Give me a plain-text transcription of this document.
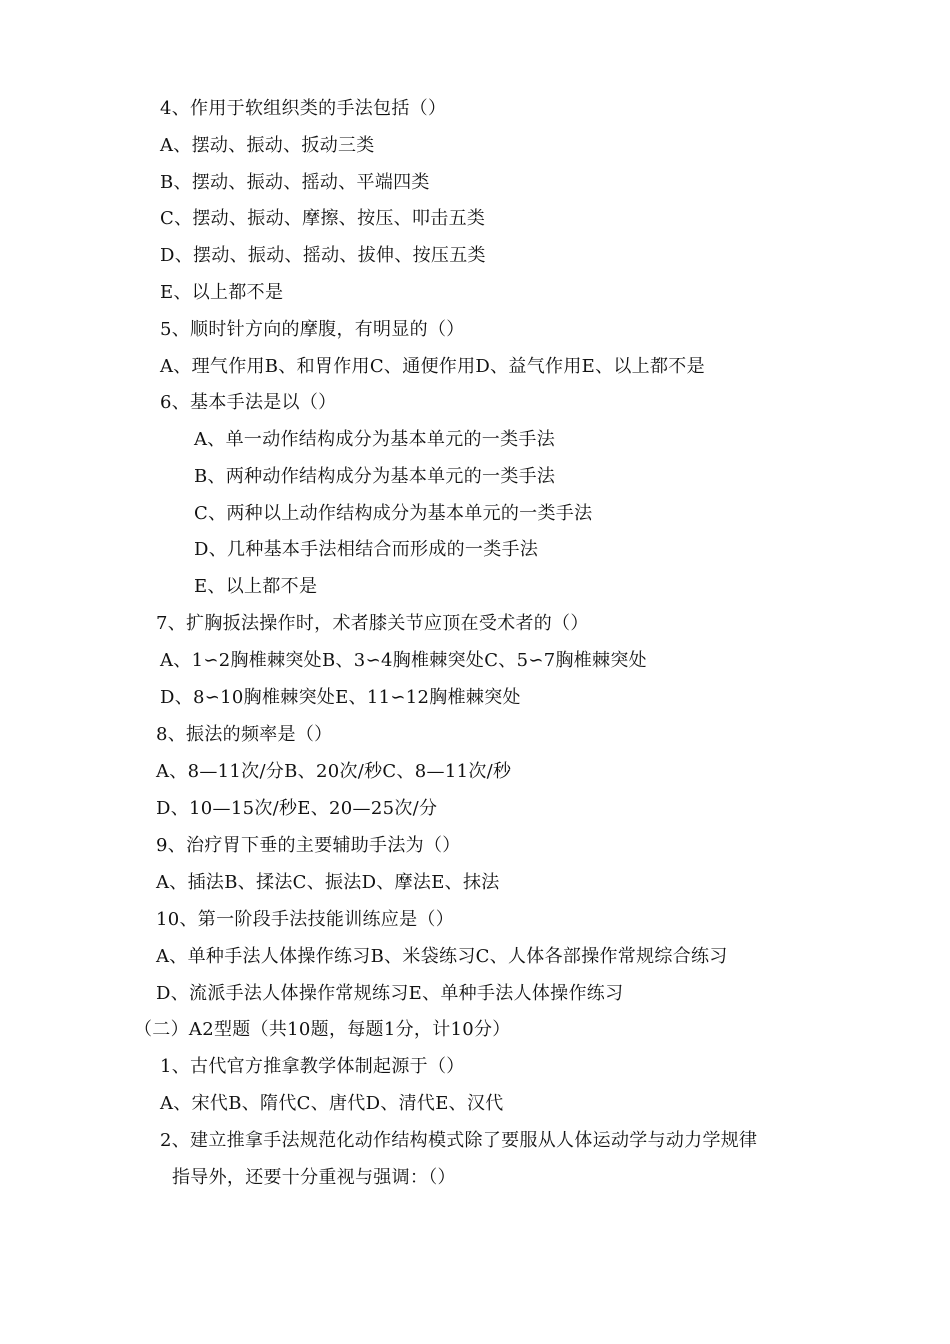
4、作用于软组织类的手法包括（）
A、摆动、振动、扳动三类
B、摆动、振动、摇动、平端四类
C、摆动、振动、摩擦、按压、叩击五类
D、摆动、振动、摇动、拔伸、按压五类
E、以上都不是
5、顺时针方向的摩腹，有明显的（）
A、理气作用B、和胃作用C、通便作用D、益气作用E、以上都不是
6、基本手法是以（）
A、单一动作结构成分为基本单元的一类手法
B、两种动作结构成分为基本单元的一类手法
C、两种以上动作结构成分为基本单元的一类手法
D、几种基本手法相结合而形成的一类手法
E、以上都不是
7、扩胸扳法操作时，术者膝关节应顶在受术者的（）
A、1∽2胸椎棘突处B、3∽4胸椎棘突处C、5∽7胸椎棘突处
D、8∽10胸椎棘突处E、11∽12胸椎棘突处
8、振法的频率是（）
A、8—11次/分B、20次/秒C、8—11次/秒
D、10—15次/秒E、20—25次/分
9、治疗胃下垂的主要辅助手法为（）
A、插法B、揉法C、振法D、摩法E、抹法
10、第一阶段手法技能训练应是（）
A、单种手法人体操作练习B、米袋练习C、人体各部操作常规综合练习
D、流派手法人体操作常规练习E、单种手法人体操作练习
（二）A2型题（共10题，每题1分，计10分）
1、古代官方推拿教学体制起源于（）
A、宋代B、隋代C、唐代D、清代E、汉代
2、建立推拿手法规范化动作结构模式除了要服从人体运动学与动力学规律
指导外，还要十分重视与强调：（）
